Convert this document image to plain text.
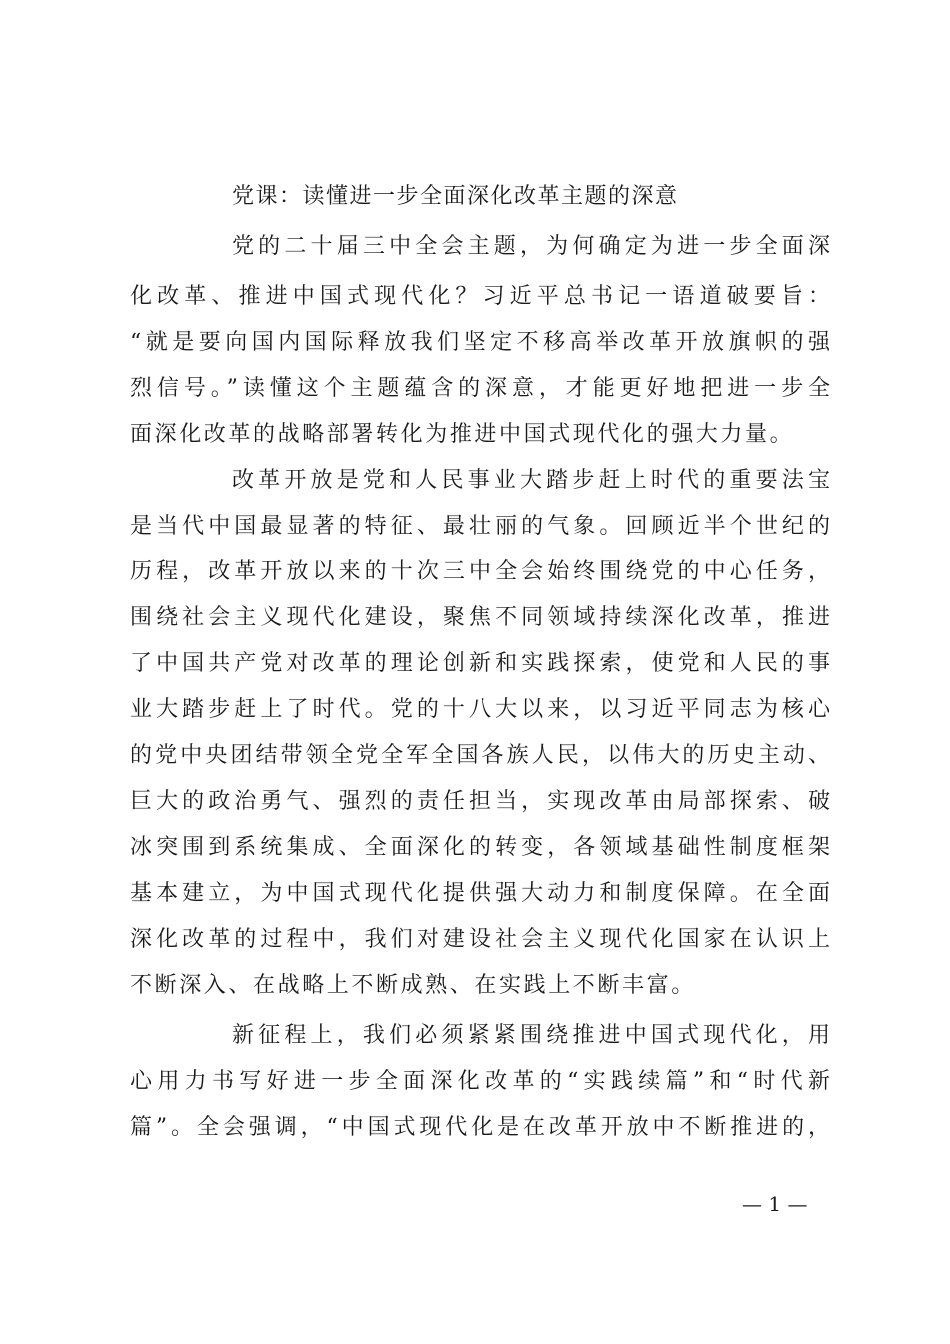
党课：读懂进一步全面深化改革主题的深意
党的二十届三中全会主题，为何确定为进一步全面深
化改革、推进中国式现代化？习近平总书记一语道破要旨：
“就是要向国内国际释放我们坚定不移高举改革开放旗帜的强
烈信号。”读懂这个主题蕴含的深意，才能更好地把进一步全
面深化改革的战略部署转化为推进中国式现代化的强大力量。
改革开放是党和人民事业大踏步赶上时代的重要法宝
是当代中国最显著的特征、最壮丽的气象。回顾近半个世纪的
历程，改革开放以来的十次三中全会始终围绕党的中心任务，
围绕社会主义现代化建设，聚焦不同领域持续深化改革，推进
了中国共产党对改革的理论创新和实践探索，使党和人民的事
业大踏步赶上了时代。党的十八大以来，以习近平同志为核心
的党中央团结带领全党全军全国各族人民，以伟大的历史主动、
巨大的政治勇气、强烈的责任担当，实现改革由局部探索、破
冰突围到系统集成、全面深化的转变，各领域基础性制度框架
基本建立，为中国式现代化提供强大动力和制度保障。在全面
深化改革的过程中，我们对建设社会主义现代化国家在认识上
不断深入、在战略上不断成熟、在实践上不断丰富。
新征程上，我们必须紧紧围绕推进中国式现代化，用
心用力书写好进一步全面深化改革的“实践续篇”和“时代新
篇”。全会强调，“中国式现代化是在改革开放中不断推进的，
— 1 —
